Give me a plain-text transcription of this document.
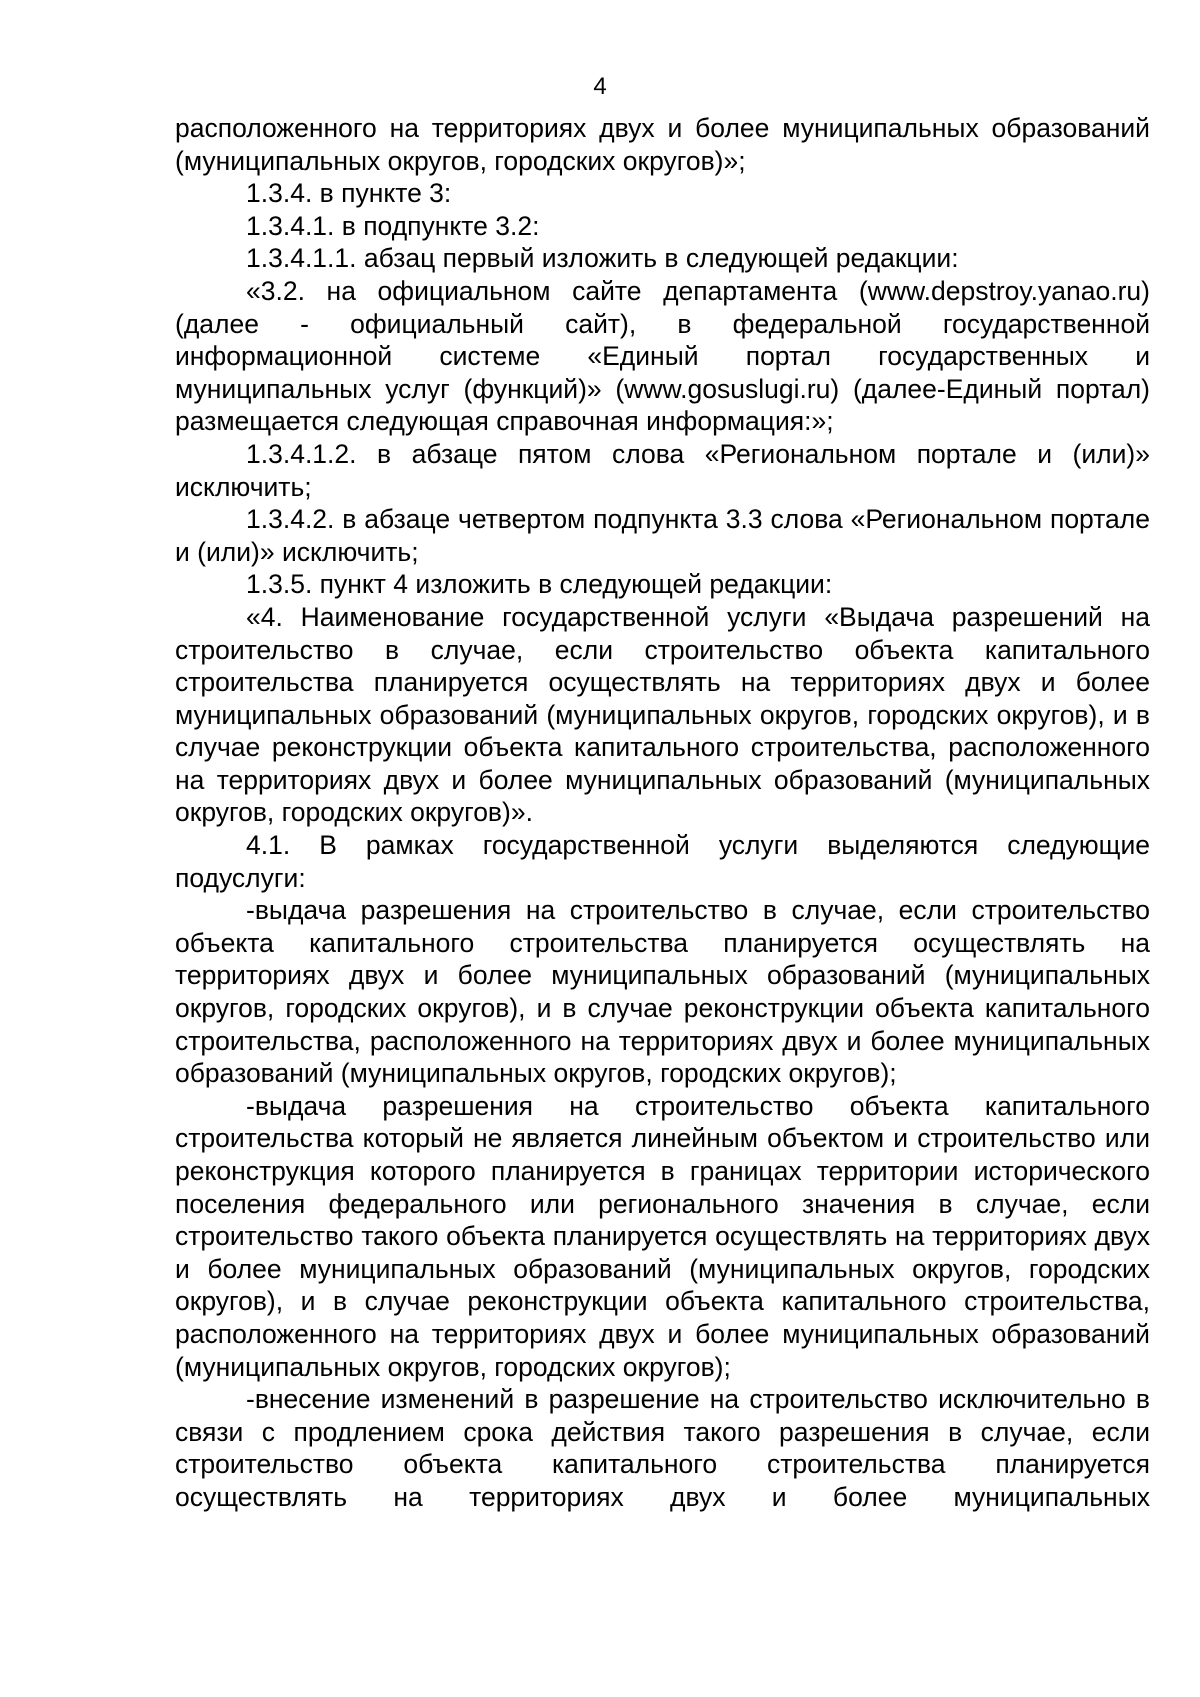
4

расположенного на территориях двух и более муниципальных образований (муниципальных округов, городских округов)»;

1.3.4. в пункте 3:

1.3.4.1. в подпункте 3.2:

1.3.4.1.1. абзац первый изложить в следующей редакции:

«3.2. на официальном сайте департамента (www.depstroy.yanao.ru) (далее - официальный сайт), в федеральной государственной информационной системе «Единый портал государственных и муниципальных услуг (функций)» (www.gosuslugi.ru) (далее-Единый портал) размещается следующая справочная информация:»;

1.3.4.1.2. в абзаце пятом слова «Региональном портале и (или)» исключить;

1.3.4.2. в абзаце четвертом подпункта 3.3 слова «Региональном портале и (или)» исключить;

1.3.5. пункт 4 изложить в следующей редакции:

«4. Наименование государственной услуги «Выдача разрешений на строительство в случае, если строительство объекта капитального строительства планируется осуществлять на территориях двух и более муниципальных образований (муниципальных округов, городских округов), и в случае реконструкции объекта капитального строительства, расположенного на территориях двух и более муниципальных образований (муниципальных округов, городских округов)».

4.1. В рамках государственной услуги выделяются следующие подуслуги:

-выдача разрешения на строительство в случае, если строительство объекта капитального строительства планируется осуществлять на территориях двух и более муниципальных образований (муниципальных округов, городских округов), и в случае реконструкции объекта капитального строительства, расположенного на территориях двух и более муниципальных образований (муниципальных округов, городских округов);

-выдача разрешения на строительство объекта капитального строительства который не является линейным объектом и строительство или реконструкция которого планируется в границах территории исторического поселения федерального или регионального значения в случае, если строительство такого объекта планируется осуществлять на территориях двух и более муниципальных образований (муниципальных округов, городских округов), и в случае реконструкции объекта капитального строительства, расположенного на территориях двух и более муниципальных образований (муниципальных округов, городских округов);

-внесение изменений в разрешение на строительство исключительно в связи с продлением срока действия такого разрешения в случае, если строительство объекта капитального строительства планируется осуществлять на территориях двух и более муниципальных
